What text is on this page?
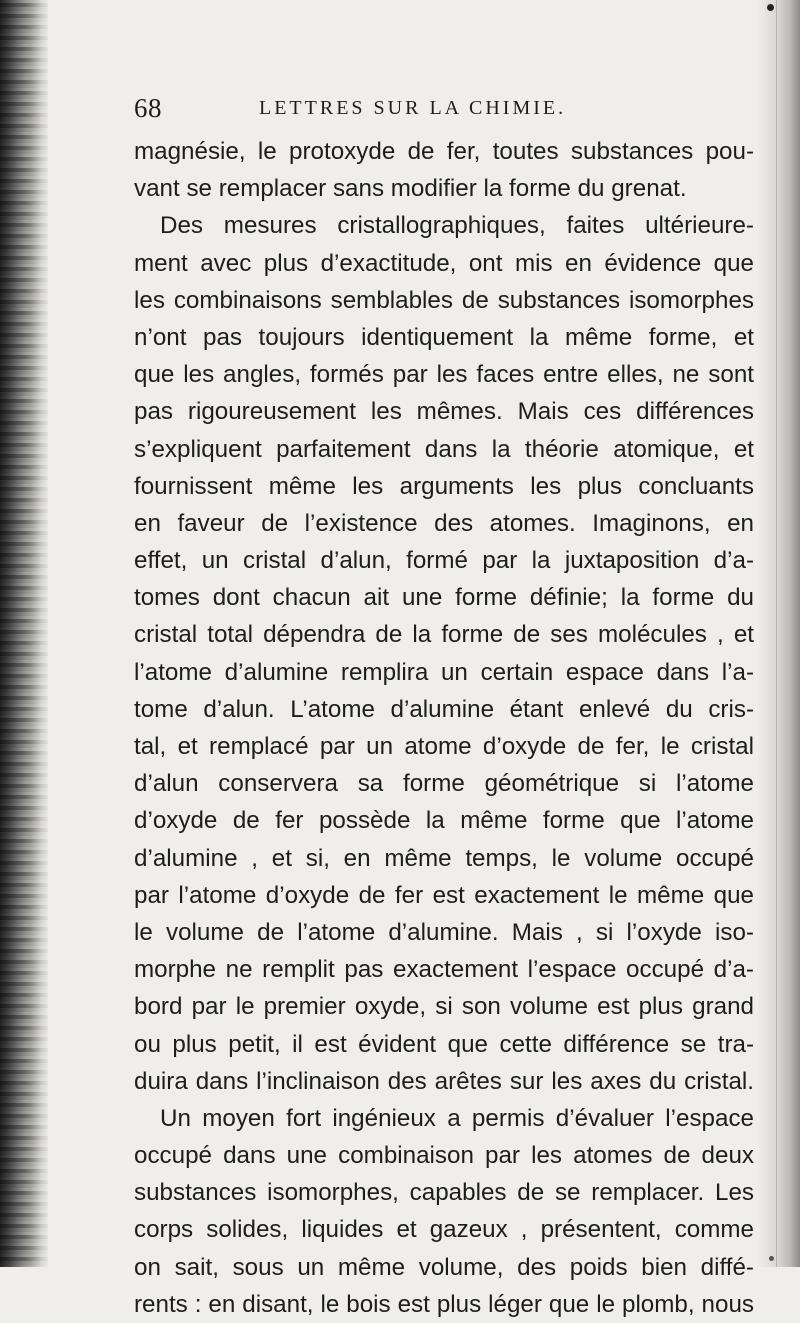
68	LETTRES SUR LA CHIMIE.
magnésie, le protoxyde de fer, toutes substances pou-
vant se remplacer sans modifier la forme du grenat.
Des mesures cristallographiques, faites ultérieure-
ment avec plus d’exactitude, ont mis en évidence que
les combinaisons semblables de substances isomorphes
n’ont pas toujours identiquement la même forme, et
que les angles, formés par les faces entre elles, ne sont
pas rigoureusement les mêmes. Mais ces différences
s’expliquent parfaitement dans la théorie atomique, et
fournissent même les arguments les plus concluants
en faveur de l’existence des atomes. Imaginons, en
effet, un cristal d’alun, formé par la juxtaposition d’a-
tomes dont chacun ait une forme définie; la forme du
cristal total dépendra de la forme de ses molécules , et
l’atome d’alumine remplira un certain espace dans l’a-
tome d’alun. L’atome d’alumine étant enlevé du cris-
tal, et remplacé par un atome d’oxyde de fer, le cristal
d’alun conservera sa forme géométrique si l’atome
d’oxyde de fer possède la même forme que l’atome
d’alumine , et si, en même temps, le volume occupé
par l’atome d’oxyde de fer est exactement le même que
le volume de l’atome d’alumine. Mais , si l’oxyde iso-
morphe ne remplit pas exactement l’espace occupé d’a-
bord par le premier oxyde, si son volume est plus grand
ou plus petit, il est évident que cette différence se tra-
duira dans l’inclinaison des arêtes sur les axes du cristal.
Un moyen fort ingénieux a permis d’évaluer l’espace
occupé dans une combinaison par les atomes de deux
substances isomorphes, capables de se remplacer. Les
corps solides, liquides et gazeux , présentent, comme
on sait, sous un même volume, des poids bien diffé-
rents : en disant, le bois est plus léger que le plomb, nous
